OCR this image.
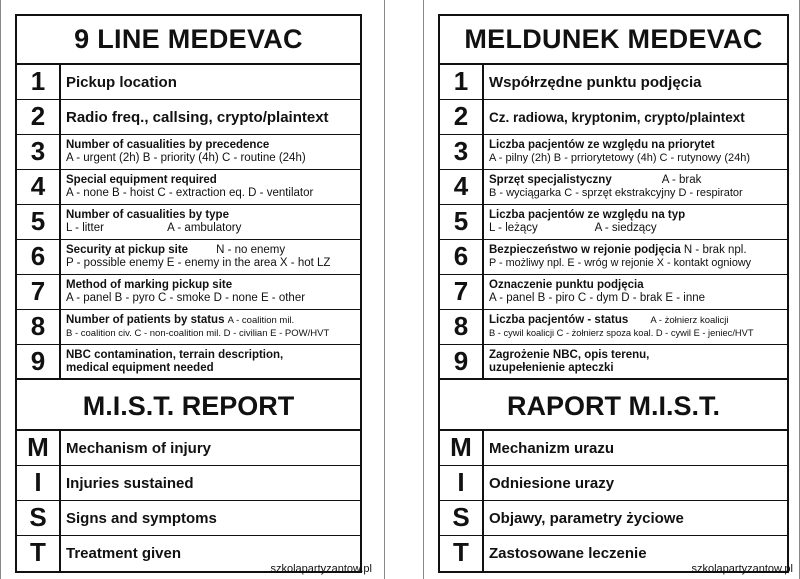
9 LINE MEDEVAC
1	Pickup location
2	Radio freq., callsing, crypto/plaintext
3	Number of casualities by precedence
A - urgent (2h) B - priority (4h) C - routine (24h)
4	Special equipment required
A - none B - hoist C - extraction eq. D - ventilator
5	Number of casualities by type
L - litter                    A - ambulatory
6	Security at pickup site N - no enemy
P - possible enemy E - enemy in the area X - hot LZ
7	Method of marking pickup site
A - panel B - pyro C - smoke D - none E - other
8	Number of patients by status A - coalition mil.
B - coalition civ. C - non-coalition mil. D - civilian E - POW/HVT
9	NBC contamination, terrain description,
medical equipment needed
M.I.S.T. REPORT
M	Mechanism of injury
I	Injuries sustained
S	Signs and symptoms
T	Treatment given
szkolapartyzantow.pl
MELDUNEK MEDEVAC
1	Współrzędne punktu podjęcia
2	Cz. radiowa, kryptonim, crypto/plaintext
3	Liczba pacjentów ze względu na priorytet
A - pilny (2h) B - prriorytetowy (4h) C - rutynowy (24h)
4	Sprzęt specjalistyczny	A - brak
B - wyciągarka C - sprzęt ekstrakcyjny D - respirator
5	Liczba pacjentów ze względu na typ
L - leżący                  A - siedzący
6	Bezpieczeństwo w rejonie podjęcia N - brak npl.
P - możliwy npl. E - wróg w rejonie X - kontakt ogniowy
7	Oznaczenie punktu podjęcia
A - panel B - piro C - dym D - brak E - inne
8	Liczba pacjentów - status A - żołnierz koalicji
B - cywil koalicji C - żołnierz spoza koal. D - cywil E - jeniec/HVT
9	Zagrożenie NBC, opis terenu,
uzupełenienie apteczki
RAPORT M.I.S.T.
M	Mechanizm urazu
I	Odniesione urazy
S	Objawy, parametry życiowe
T	Zastosowane leczenie
szkolapartyzantow.pl
